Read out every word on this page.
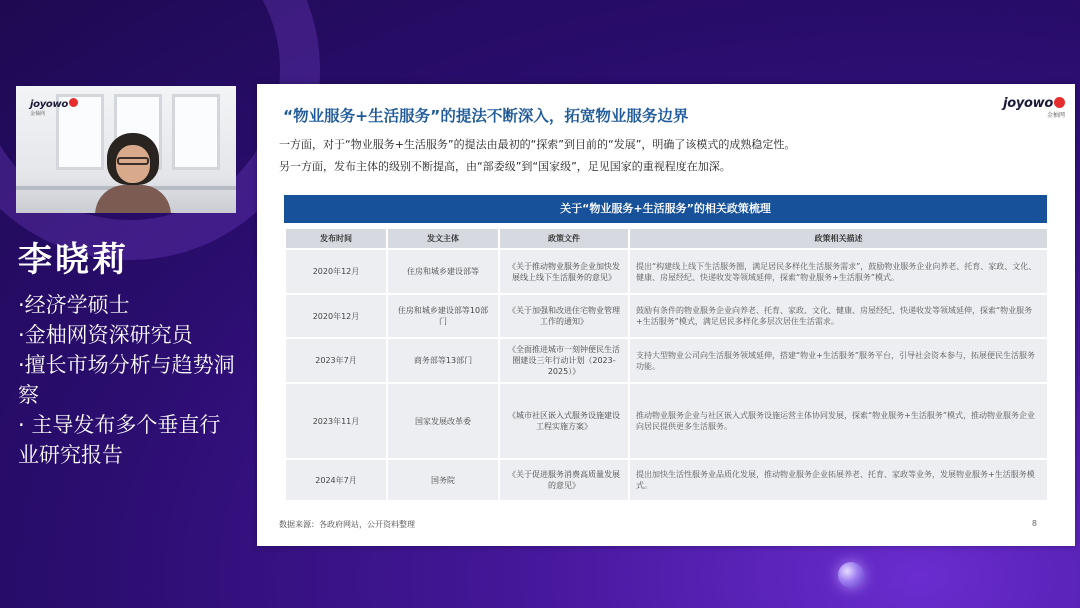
joyowo
金柚网
李晓莉
·经济学硕士
·金柚网资深研究员
·擅长市场分析与趋势洞察
· 主导发布多个垂直行业研究报告
“物业服务+生活服务”的提法不断深入，拓宽物业服务边界
joyowo
金柚网

一方面，对于“物业服务+生活服务”的提法由最初的“探索”到目前的“发展”，明确了该模式的成熟稳定性。

另一方面，发布主体的级别不断提高，由“部委级”到“国家级”，足见国家的重视程度在加深。

关于“物业服务+生活服务”的相关政策梳理
发布时间	发文主体	政策文件	政策相关描述
2020年12月	住房和城乡建设部等	《关于推动物业服务企业加快发展线上线下生活服务的意见》	提出“构建线上线下生活服务圈，满足居民多样化生活服务需求”，鼓励物业服务企业向养老、托育、家政、文化、健康、房屋经纪、快递收发等领域延伸，探索“物业服务+生活服务”模式。
2020年12月	住房和城乡建设部等10部门	《关于加强和改进住宅物业管理工作的通知》	鼓励有条件的物业服务企业向养老、托育、家政、文化、健康、房屋经纪、快递收发等领域延伸，探索“物业服务+生活服务”模式，满足居民多样化多层次居住生活需求。
2023年7月	商务部等13部门	《全面推进城市一刻钟便民生活圈建设三年行动计划（2023-2025）》	支持大型物业公司向生活服务领域延伸，搭建“物业+生活服务”服务平台，引导社会资本参与，拓展便民生活服务功能。
2023年11月	国家发展改革委	《城市社区嵌入式服务设施建设工程实施方案》	推动物业服务企业与社区嵌入式服务设施运营主体协同发展，探索“物业服务+生活服务”模式，推动物业服务企业向居民提供更多生活服务。
2024年7月	国务院	《关于促进服务消费高质量发展的意见》	提出加快生活性服务业品质化发展，推动物业服务企业拓展养老、托育、家政等业务，发展物业服务+生活服务模式。
数据来源：各政府网站，公开资料整理	8
